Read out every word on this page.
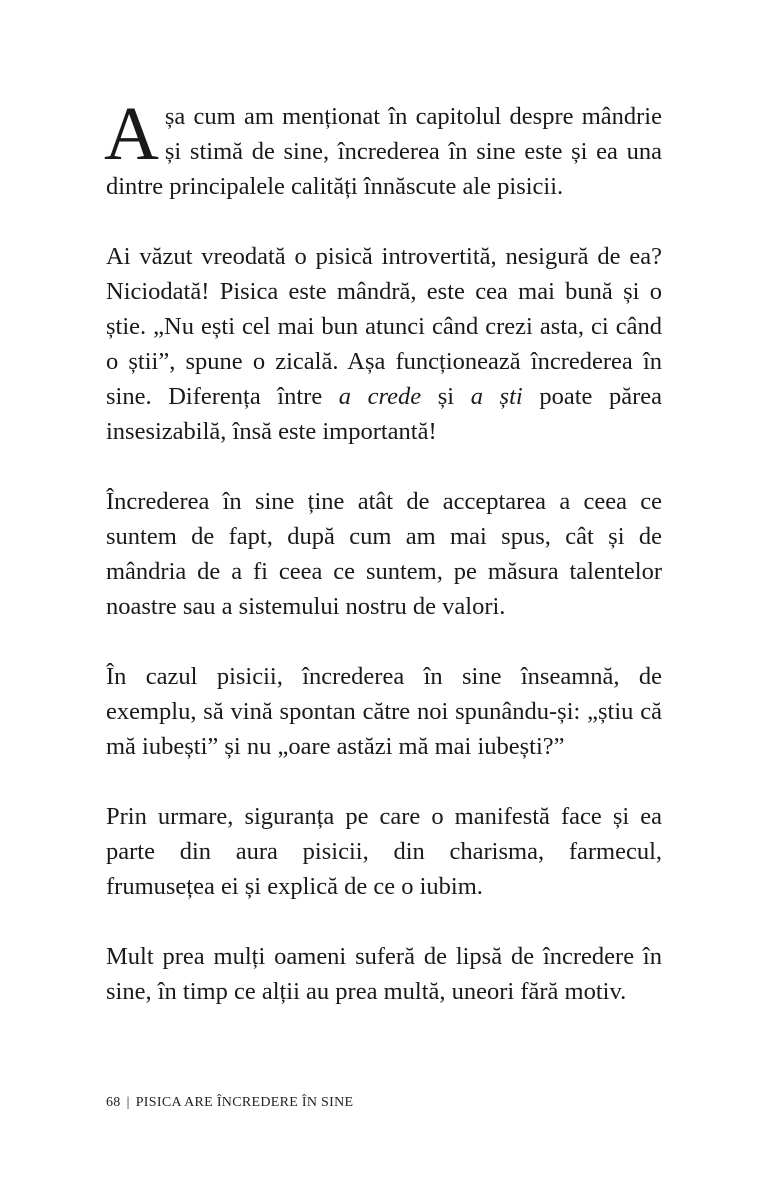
Așa cum am menționat în capitolul despre mândrie și stimă de sine, încrederea în sine este și ea una dintre principalele calități înnăscute ale pisicii.

Ai văzut vreodată o pisică introvertită, nesigură de ea? Niciodată! Pisica este mândră, este cea mai bună și o știe. „Nu ești cel mai bun atunci când crezi asta, ci când o știi”, spune o zicală. Așa funcționează încrederea în sine. Diferența între a crede și a ști poate părea insesizabilă, însă este importantă!

Încrederea în sine ține atât de acceptarea a ceea ce suntem de fapt, după cum am mai spus, cât și de mândria de a fi ceea ce suntem, pe măsura talentelor noastre sau a sistemului nostru de valori.

În cazul pisicii, încrederea în sine înseamnă, de exemplu, să vină spontan către noi spunându-și: „știu că mă iubești” și nu „oare astăzi mă mai iubești?”

Prin urmare, siguranța pe care o manifestă face și ea parte din aura pisicii, din charisma, farmecul, frumusețea ei și explică de ce o iubim.

Mult prea mulți oameni suferă de lipsă de încredere în sine, în timp ce alții au prea multă, uneori fără motiv.

68 | PISICA ARE ÎNCREDERE ÎN SINE
